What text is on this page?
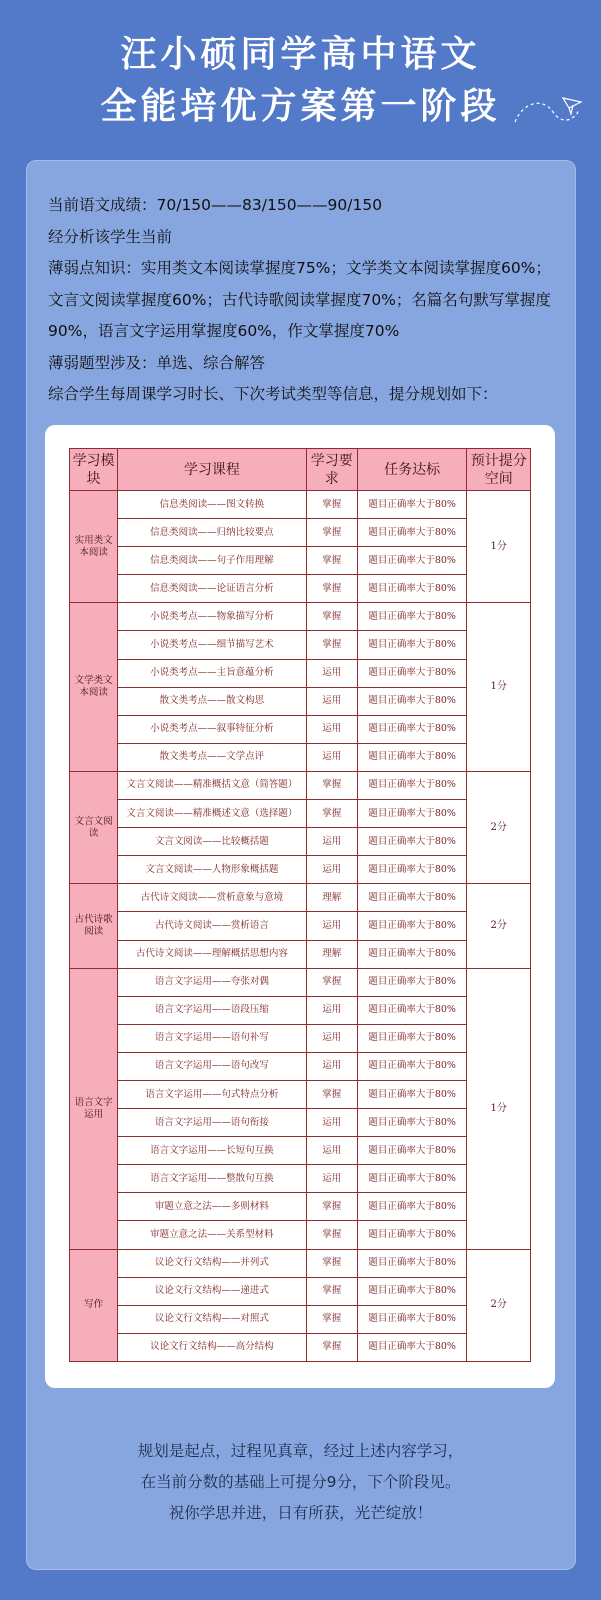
汪小硕同学高中语文
全能培优方案第一阶段

当前语文成绩：70/150——83/150——90/150

经分析该学生当前

薄弱点知识：实用类文本阅读掌握度75%；文学类文本阅读掌握度60%；文言文阅读掌握度60%；古代诗歌阅读掌握度70%；名篇名句默写掌握度90%，语言文字运用掌握度60%，作文掌握度70%

薄弱题型涉及：单选、综合解答

综合学生每周课学习时长、下次考试类型等信息，提分规划如下：

学习模块	学习课程	学习要求	任务达标	预计提分空间
实用类文本阅读	信息类阅读——图文转换	掌握	题目正确率大于80%	1分
	信息类阅读——归纳比较要点	掌握	题目正确率大于80%	
	信息类阅读——句子作用理解	掌握	题目正确率大于80%	
	信息类阅读——论证语言分析	掌握	题目正确率大于80%	
文学类文本阅读	小说类考点——物象描写分析	掌握	题目正确率大于80%	1分
	小说类考点——细节描写艺术	掌握	题目正确率大于80%	
	小说类考点——主旨意蕴分析	运用	题目正确率大于80%	
	散文类考点——散文构思	运用	题目正确率大于80%	
	小说类考点——叙事特征分析	运用	题目正确率大于80%	
	散文类考点——文学点评	运用	题目正确率大于80%	
文言文阅读	文言文阅读——精准概括文意（简答题）	掌握	题目正确率大于80%	2分
	文言文阅读——精准概述文意（选择题）	掌握	题目正确率大于80%	
	文言文阅读——比较概括题	运用	题目正确率大于80%	
	文言文阅读——人物形象概括题	运用	题目正确率大于80%	
古代诗歌阅读	古代诗文阅读——赏析意象与意境	理解	题目正确率大于80%	2分
	古代诗文阅读——赏析语言	运用	题目正确率大于80%	
	古代诗文阅读——理解概括思想内容	理解	题目正确率大于80%	
语言文字运用	语言文字运用——夸张对偶	掌握	题目正确率大于80%	1分
	语言文字运用——语段压缩	运用	题目正确率大于80%	
	语言文字运用——语句补写	运用	题目正确率大于80%	
	语言文字运用——语句改写	运用	题目正确率大于80%	
	语言文字运用——句式特点分析	掌握	题目正确率大于80%	
	语言文字运用——语句衔接	运用	题目正确率大于80%	
	语言文字运用——长短句互换	运用	题目正确率大于80%	
	语言文字运用——整散句互换	运用	题目正确率大于80%	
	审题立意之法——多则材料	掌握	题目正确率大于80%	
	审题立意之法——关系型材料	掌握	题目正确率大于80%	
写作	议论文行文结构——并列式	掌握	题目正确率大于80%	2分
	议论文行文结构——递进式	掌握	题目正确率大于80%	
	议论文行文结构——对照式	掌握	题目正确率大于80%	
	议论文行文结构——高分结构	掌握	题目正确率大于80%	

规划是起点，过程见真章，经过上述内容学习，

在当前分数的基础上可提分9分，下个阶段见。

祝你学思并进，日有所获，光芒绽放！
